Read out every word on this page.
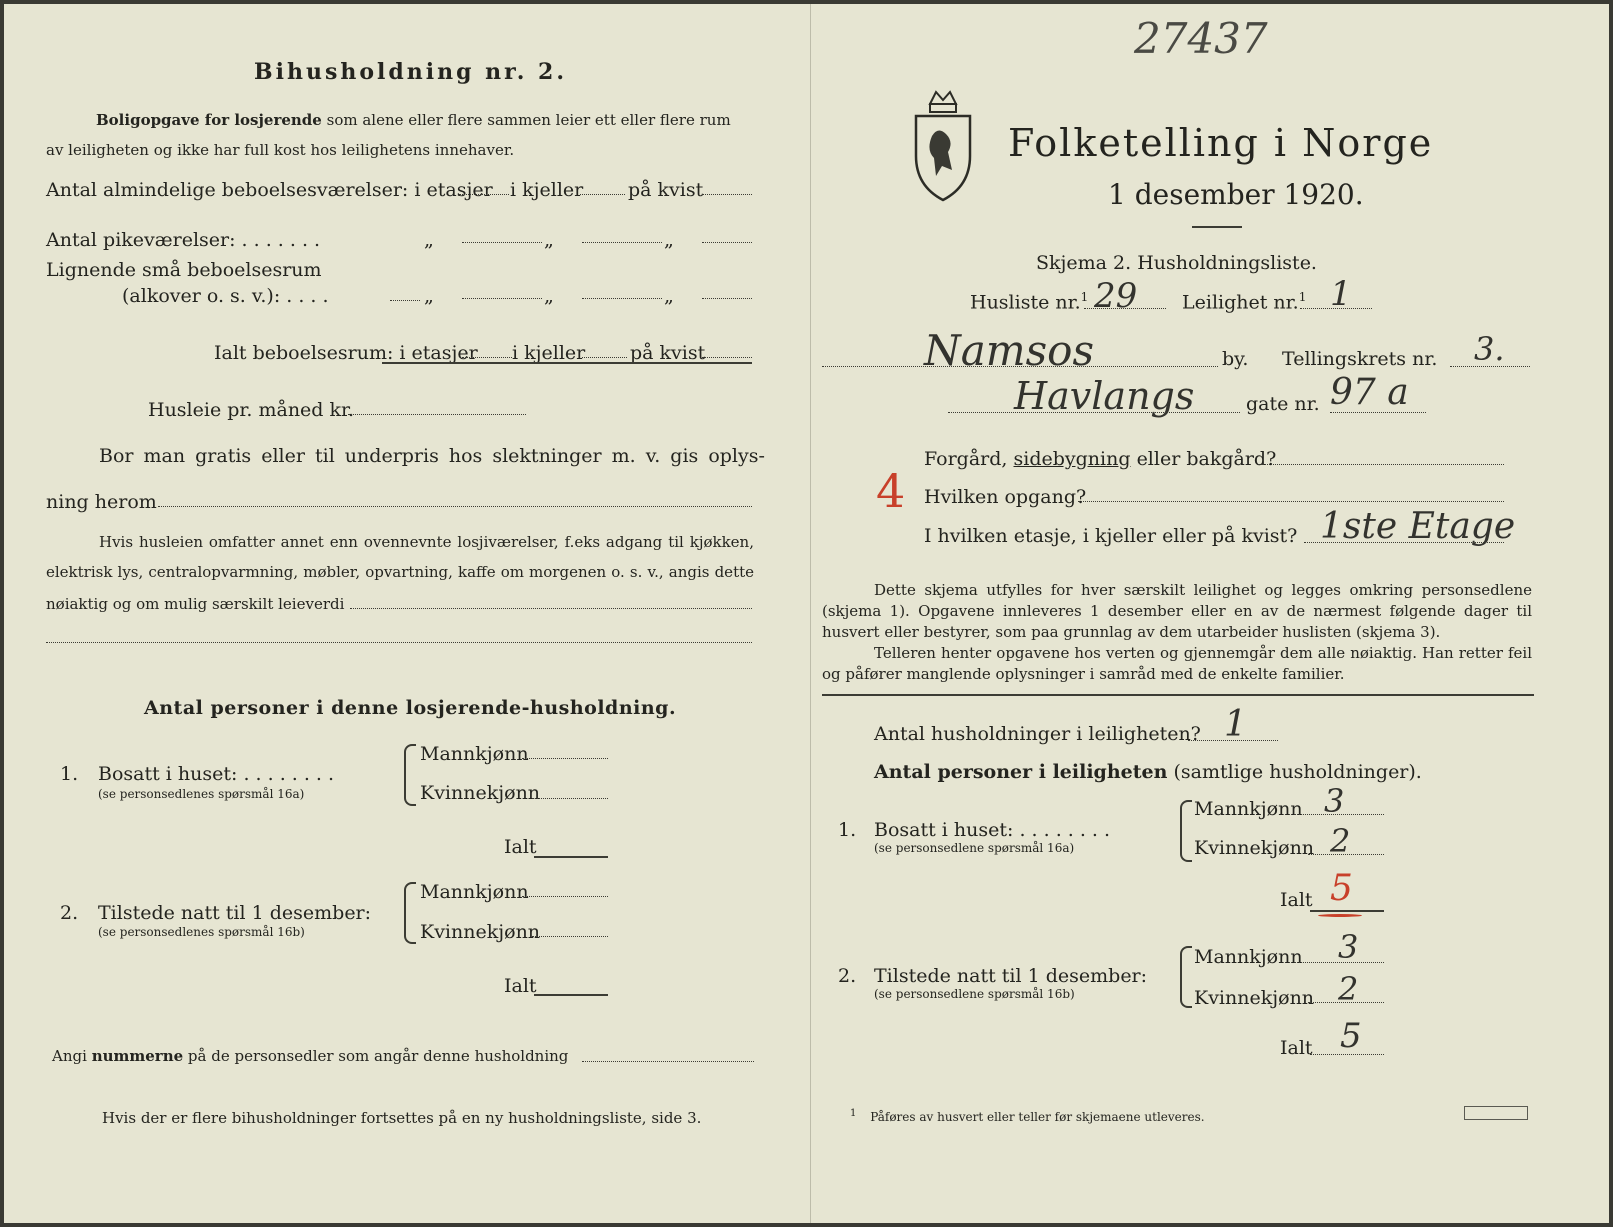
27437
Bihusholdning nr. 2.
Boligopgave for losjerende som alene eller flere sammen leier ett eller flere rum
av leiligheten og ikke har full kost hos leilighetens innehaver.
Antal almindelige beboelsesværelser: i etasjer i kjeller på kvist
Antal pikeværelser: . . . . . . .	„	„	„
Lignende små beboelsesrum
(alkover o. s. v.): . . . .	„	„	„
Ialt beboelsesrum: i etasjer i kjeller på kvist
Husleie pr. måned kr.
Bor man gratis eller til underpris hos slektninger m. v. gis oplys-
ning herom
Hvis husleien omfatter annet enn ovennevnte losjiværelser, f.eks adgang til kjøkken,
elektrisk lys, centralopvarmning, møbler, opvartning, kaffe om morgenen o. s. v., angis dette
nøiaktig og om mulig særskilt leieverdi
Antal personer i denne losjerende-husholdning.
1. Bosatt i huset: . . . . . . . .
(se personsedlenes spørsmål 16a)
Mannkjønn
Kvinnekjønn
Ialt
2. Tilstede natt til 1 desember:
(se personsedlenes spørsmål 16b)
Mannkjønn
Kvinnekjønn
Ialt
Angi nummerne på de personsedler som angår denne husholdning
Hvis der er flere bihusholdninger fortsettes på en ny husholdningsliste, side 3.
Folketelling i Norge
1 desember 1920.
Skjema 2. Husholdningsliste.
Husliste nr.$^1$ 29 Leilighet nr.$^1$ 1
Namsos	by. Tellingskrets nr. 3.
Havlangs	gate nr. 97 a
Forgård, sidebygning eller bakgård?
4 Hvilken opgang?
I hvilken etasje, i kjeller eller på kvist? 1ste Etage
Dette skjema utfylles for hver særskilt leilighet og legges omkring personsedlene (skjema 1). Opgavene innleveres 1 desember eller en av de nærmest følgende dager til husvert eller bestyrer, som paa grunnlag av dem utarbeider huslisten (skjema 3).
Telleren henter opgavene hos verten og gjennemgår dem alle nøiaktig. Han retter feil og påfører manglende oplysninger i samråd med de enkelte familier.
Antal husholdninger i leiligheten? 1
Antal personer i leiligheten (samtlige husholdninger).
1. Bosatt i huset: . . . . . . . .
(se personsedlene spørsmål 16a)
Mannkjønn 3
Kvinnekjønn 2
Ialt 5
2. Tilstede natt til 1 desember:
(se personsedlene spørsmål 16b)
Mannkjønn 3
Kvinnekjønn 2
Ialt 5
$^1$ Påføres av husvert eller teller før skjemaene utleveres.
